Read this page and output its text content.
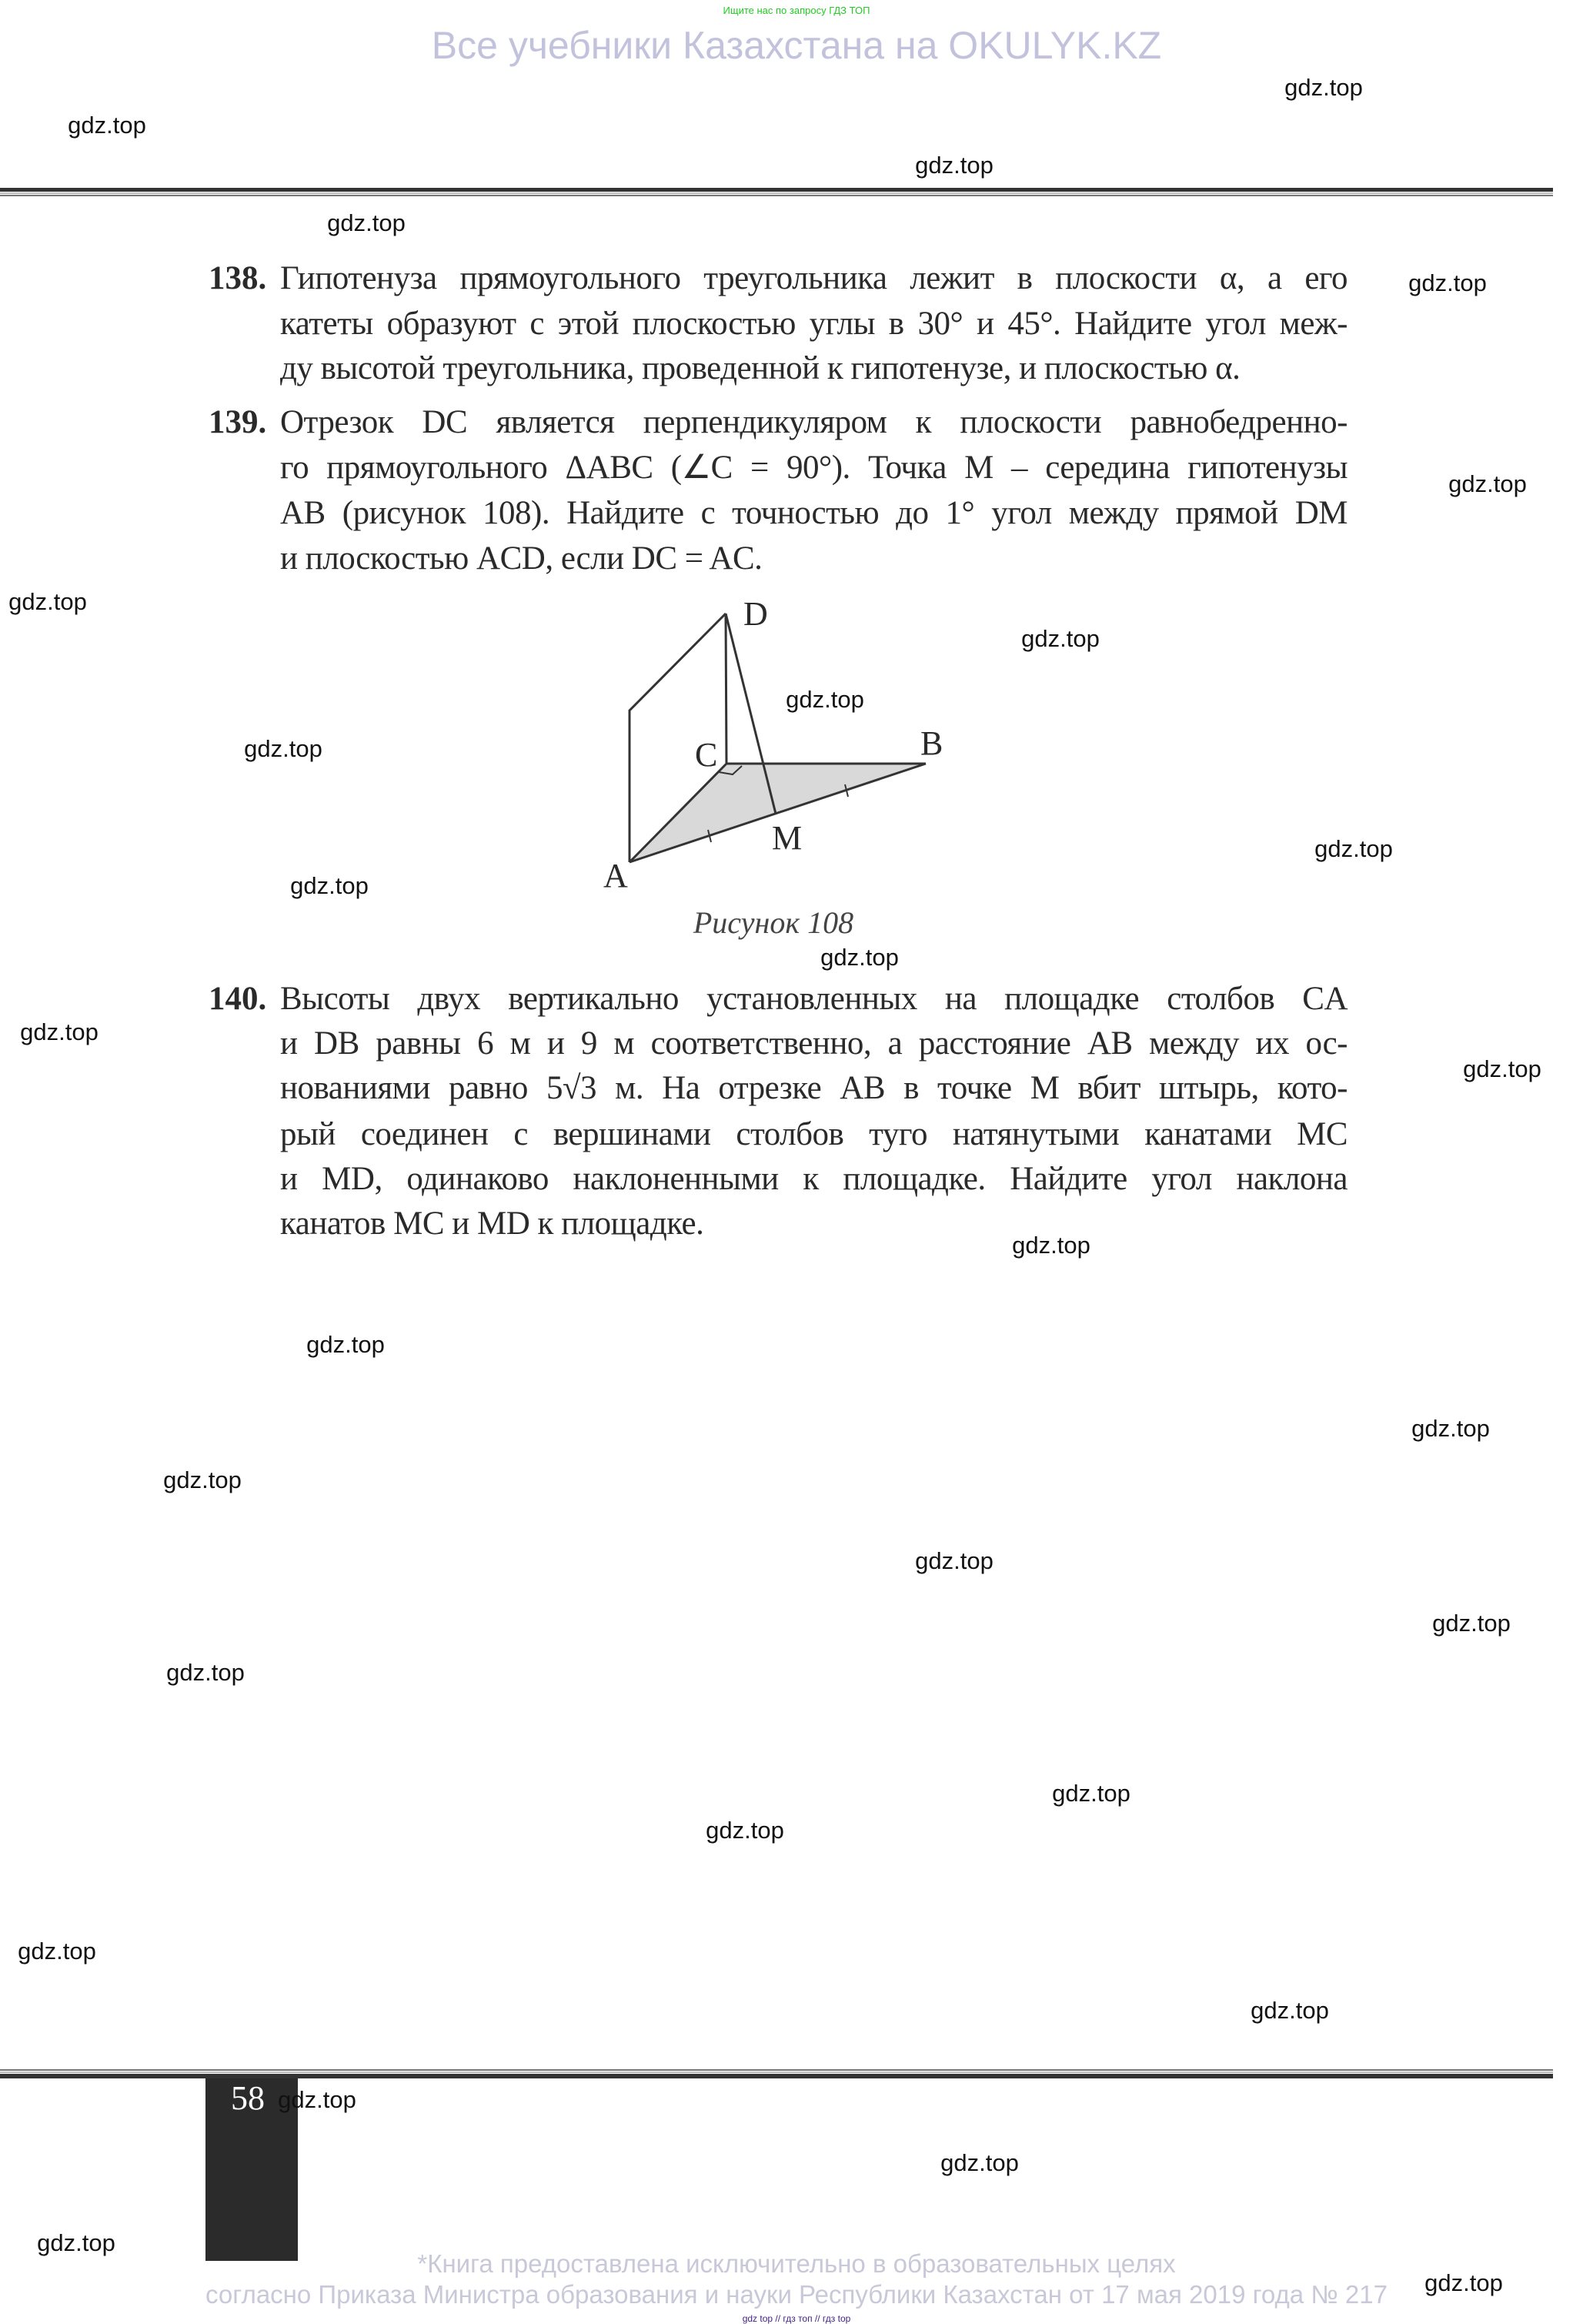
Ищите нас по запросу ГДЗ ТОП
Все учебники Казахстана на OKULYK.KZ
138. Гипотенуза прямоугольного треугольника лежит в плоскости α, а его
катеты образуют с этой плоскостью углы в 30° и 45°. Найдите угол меж-
ду высотой треугольника, проведенной к гипотенузе, и плоскостью α.
139. Отрезок DC является перпендикуляром к плоскости равнобедренно-
го прямоугольного ΔABC (∠C = 90°). Точка M – середина гипотенузы
AB (рисунок 108). Найдите с точностью до 1° угол между прямой DM
и плоскостью ACD, если DC = AC.
D
C	B
M
A
Рисунок 108
140. Высоты двух вертикально установленных на площадке столбов CA
и DB равны 6 м и 9 м соответственно, а расстояние AB между их ос-
нованиями равно 5√3 м. На отрезке AB в точке M вбит штырь, кото-
рый соединен с вершинами столбов туго натянутыми канатами MC
и MD, одинаково наклоненными к площадке. Найдите угол наклона
канатов MC и MD к площадке.
gdz.top
gdz.top
gdz.top
gdz.top
gdz.top
gdz.top
gdz.top
gdz.top
gdz.top
gdz.top
gdz.top
gdz.top
gdz.top
gdz.top
gdz.top
gdz.top
gdz.top
gdz.top
gdz.top
gdz.top
gdz.top
gdz.top
gdz.top
gdz.top
gdz.top
gdz.top
58 gdz.top
gdz.top
gdz.top
gdz.top
*Книга предоставлена исключительно в образовательных целях
согласно Приказа Министра образования и науки Республики Казахстан от 17 мая 2019 года № 217
gdz top // гдз топ // гдз top
